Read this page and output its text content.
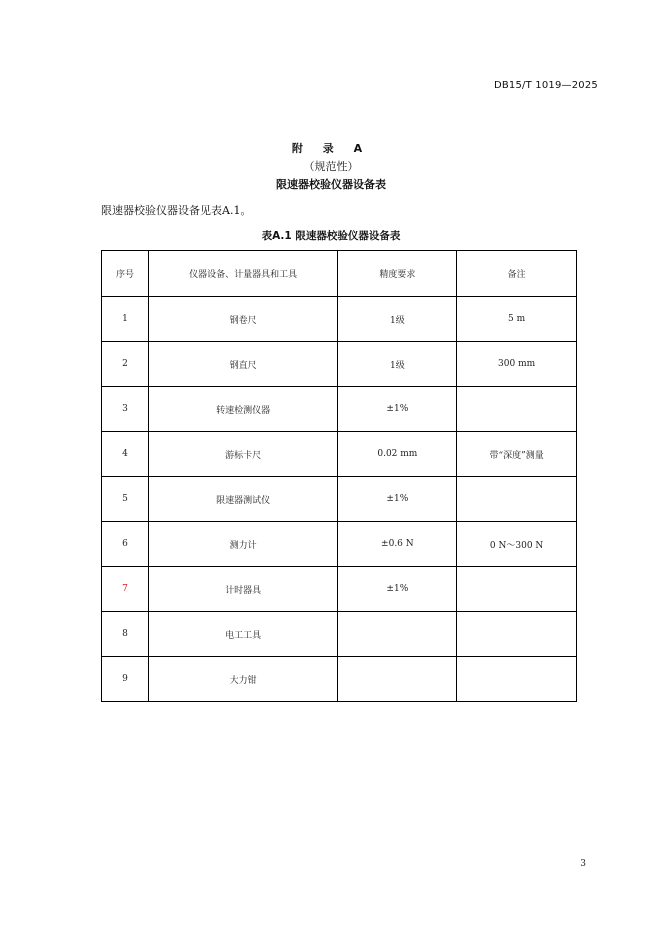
DB15/T 1019—2025
附 录 A
（规范性）
限速器校验仪器设备表
限速器校验仪器设备见表A.1。
表A.1 限速器校验仪器设备表
序号	仪器设备、计量器具和工具	精度要求	备注
1	钢卷尺	1级	5 m
2	钢直尺	1级	300 mm
3	转速检测仪器	±1%	
4	游标卡尺	0.02 mm	带“深度”测量
5	限速器测试仪	±1%	
6	测力计	±0.6 N	0 N～300 N
7	计时器具	±1%	
8	电工工具		
9	大力钳		
3
